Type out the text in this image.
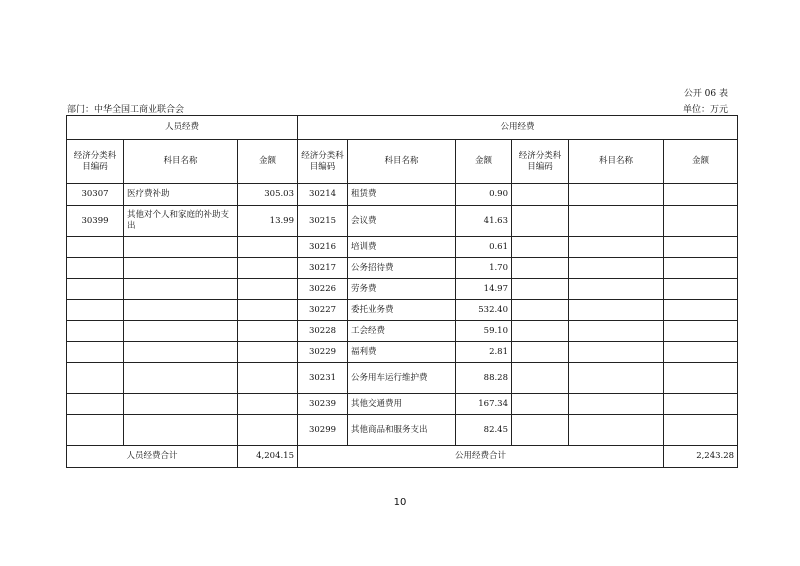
公开 06 表
部门：中华全国工商业联合会	单位：万元
人员经费			公用经费					
经济分类科目编码	科目名称	金额	经济分类科目编码	科目名称	金额	经济分类科目编码	科目名称	金额
30307	医疗费补助	305.03	30214	租赁费	0.90			
30399	其他对个人和家庭的补助支出	13.99	30215	会议费	41.63			
			30216	培训费	0.61			
			30217	公务招待费	1.70			
			30226	劳务费	14.97			
			30227	委托业务费	532.40			
			30228	工会经费	59.10			
			30229	福利费	2.81			
			30231	公务用车运行维护费	88.28			
			30239	其他交通费用	167.34			
			30299	其他商品和服务支出	82.45			
人员经费合计		4,204.15	公用经费合计					2,243.28
10
